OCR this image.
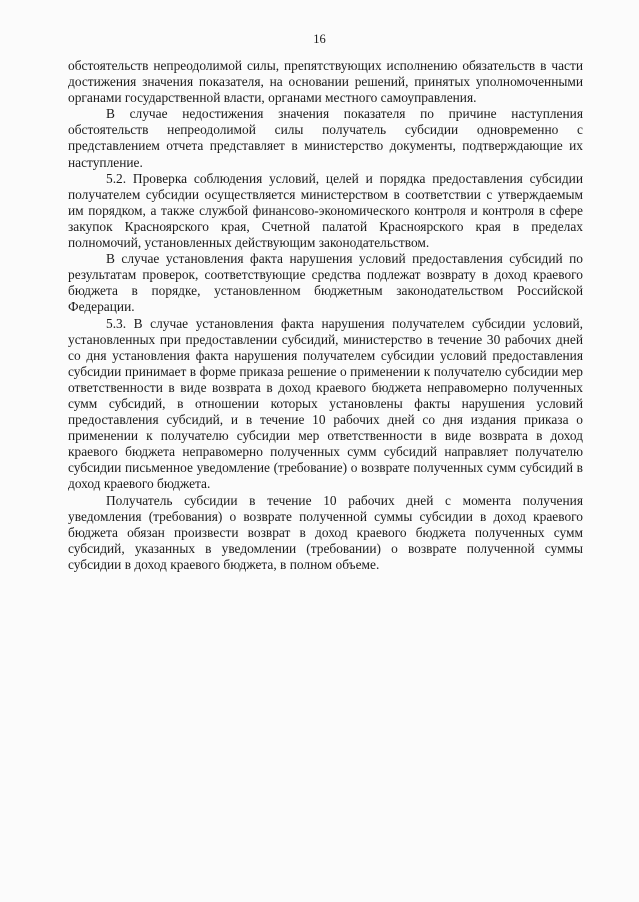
16

обстоятельств непреодолимой силы, препятствующих исполнению обязательств в части достижения значения показателя, на основании решений, принятых уполномоченными органами государственной власти, органами местного самоуправления.

В случае недостижения значения показателя по причине наступления обстоятельств непреодолимой силы получатель субсидии одновременно с представлением отчета представляет в министерство документы, подтверждающие их наступление.

5.2. Проверка соблюдения условий, целей и порядка предоставления субсидии получателем субсидии осуществляется министерством в соответствии с утверждаемым им порядком, а также службой финансово-экономического контроля и контроля в сфере закупок Красноярского края, Счетной палатой Красноярского края в пределах полномочий, установленных действующим законодательством.

В случае установления факта нарушения условий предоставления субсидий по результатам проверок, соответствующие средства подлежат возврату в доход краевого бюджета в порядке, установленном бюджетным законодательством Российской Федерации.

5.3. В случае установления факта нарушения получателем субсидии условий, установленных при предоставлении субсидий, министерство в течение 30 рабочих дней со дня установления факта нарушения получателем субсидии условий предоставления субсидии принимает в форме приказа решение о применении к получателю субсидии мер ответственности в виде возврата в доход краевого бюджета неправомерно полученных сумм субсидий, в отношении которых установлены факты нарушения условий предоставления субсидий, и в течение 10 рабочих дней со дня издания приказа о применении к получателю субсидии мер ответственности в виде возврата в доход краевого бюджета неправомерно полученных сумм субсидий направляет получателю субсидии письменное уведомление (требование) о возврате полученных сумм субсидий в доход краевого бюджета.

Получатель субсидии в течение 10 рабочих дней с момента получения уведомления (требования) о возврате полученной суммы субсидии в доход краевого бюджета обязан произвести возврат в доход краевого бюджета полученных сумм субсидий, указанных в уведомлении (требовании) о возврате полученной суммы субсидии в доход краевого бюджета, в полном объеме.
